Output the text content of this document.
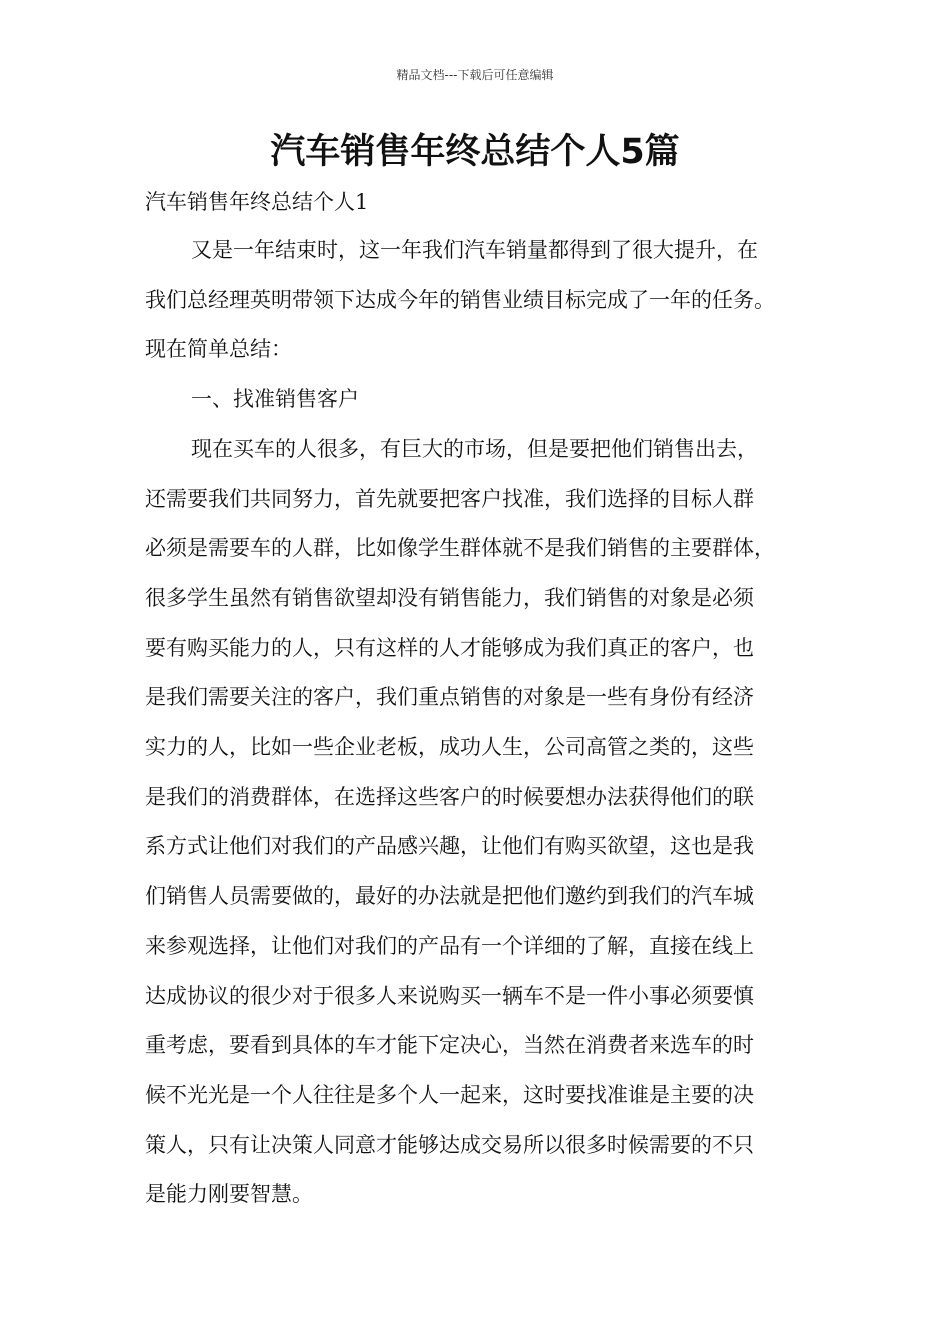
精品文档---下载后可任意编辑
汽车销售年终总结个人5篇
汽车销售年终总结个人1
又是一年结束时，这一年我们汽车销量都得到了很大提升，在
我们总经理英明带领下达成今年的销售业绩目标完成了一年的任务。
现在简单总结：
一、找准销售客户
现在买车的人很多，有巨大的市场，但是要把他们销售出去，
还需要我们共同努力，首先就要把客户找准，我们选择的目标人群
必须是需要车的人群，比如像学生群体就不是我们销售的主要群体，
很多学生虽然有销售欲望却没有销售能力，我们销售的对象是必须
要有购买能力的人，只有这样的人才能够成为我们真正的客户，也
是我们需要关注的客户，我们重点销售的对象是一些有身份有经济
实力的人，比如一些企业老板，成功人生，公司高管之类的，这些
是我们的消费群体，在选择这些客户的时候要想办法获得他们的联
系方式让他们对我们的产品感兴趣，让他们有购买欲望，这也是我
们销售人员需要做的，最好的办法就是把他们邀约到我们的汽车城
来参观选择，让他们对我们的产品有一个详细的了解，直接在线上
达成协议的很少对于很多人来说购买一辆车不是一件小事必须要慎
重考虑，要看到具体的车才能下定决心，当然在消费者来选车的时
候不光光是一个人往往是多个人一起来，这时要找准谁是主要的决
策人，只有让决策人同意才能够达成交易所以很多时候需要的不只
是能力刚要智慧。
